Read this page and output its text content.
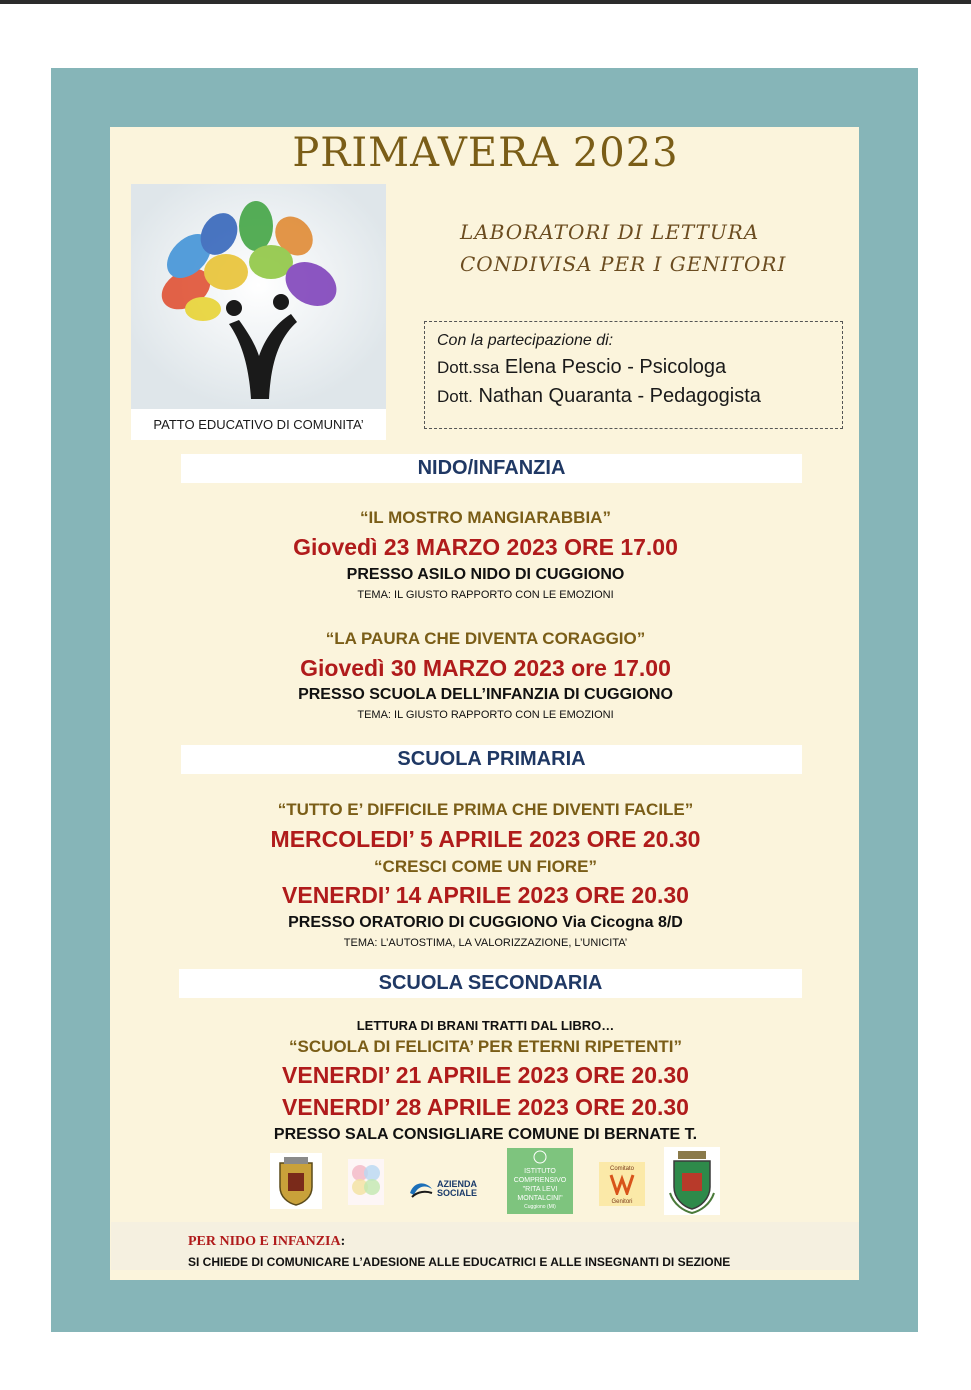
PRIMAVERA 2023
PATTO EDUCATIVO DI COMUNITA’
LABORATORI DI LETTURA
CONDIVISA PER I GENITORI
Con la partecipazione di:
Dott.ssa Elena Pescio - Psicologa
Dott. Nathan Quaranta - Pedagogista
NIDO/INFANZIA
“IL MOSTRO MANGIARABBIA”
Giovedì 23 MARZO 2023 ORE 17.00
PRESSO ASILO NIDO DI CUGGIONO
TEMA: IL GIUSTO RAPPORTO CON LE EMOZIONI
“LA PAURA CHE DIVENTA CORAGGIO”
Giovedì 30 MARZO 2023 ore 17.00
PRESSO SCUOLA DELL’INFANZIA DI CUGGIONO
TEMA: IL GIUSTO RAPPORTO CON LE EMOZIONI
SCUOLA PRIMARIA
“TUTTO E’ DIFFICILE PRIMA CHE DIVENTI FACILE”
MERCOLEDI’ 5 APRILE 2023 ORE 20.30
“CRESCI COME UN FIORE”
VENERDI’ 14 APRILE 2023 ORE 20.30
PRESSO ORATORIO DI CUGGIONO Via Cicogna 8/D
TEMA: L’AUTOSTIMA, LA VALORIZZAZIONE, L’UNICITA’
SCUOLA SECONDARIA
LETTURA DI BRANI TRATTI DAL LIBRO…
“SCUOLA DI FELICITA’ PER ETERNI RIPETENTI”
VENERDI’ 21 APRILE 2023 ORE 20.30
VENERDI’ 28 APRILE 2023 ORE 20.30
PRESSO SALA CONSIGLIARE COMUNE DI BERNATE T.
AZIENDA
SOCIALE
ISTITUTO
COMPRENSIVO
"RITA LEVI
MONTALCINI"
Cuggiono (MI)
Comitato
Genitori
PER NIDO E INFANZIA:
SI CHIEDE DI COMUNICARE L’ADESIONE ALLE EDUCATRICI E ALLE INSEGNANTI DI SEZIONE
